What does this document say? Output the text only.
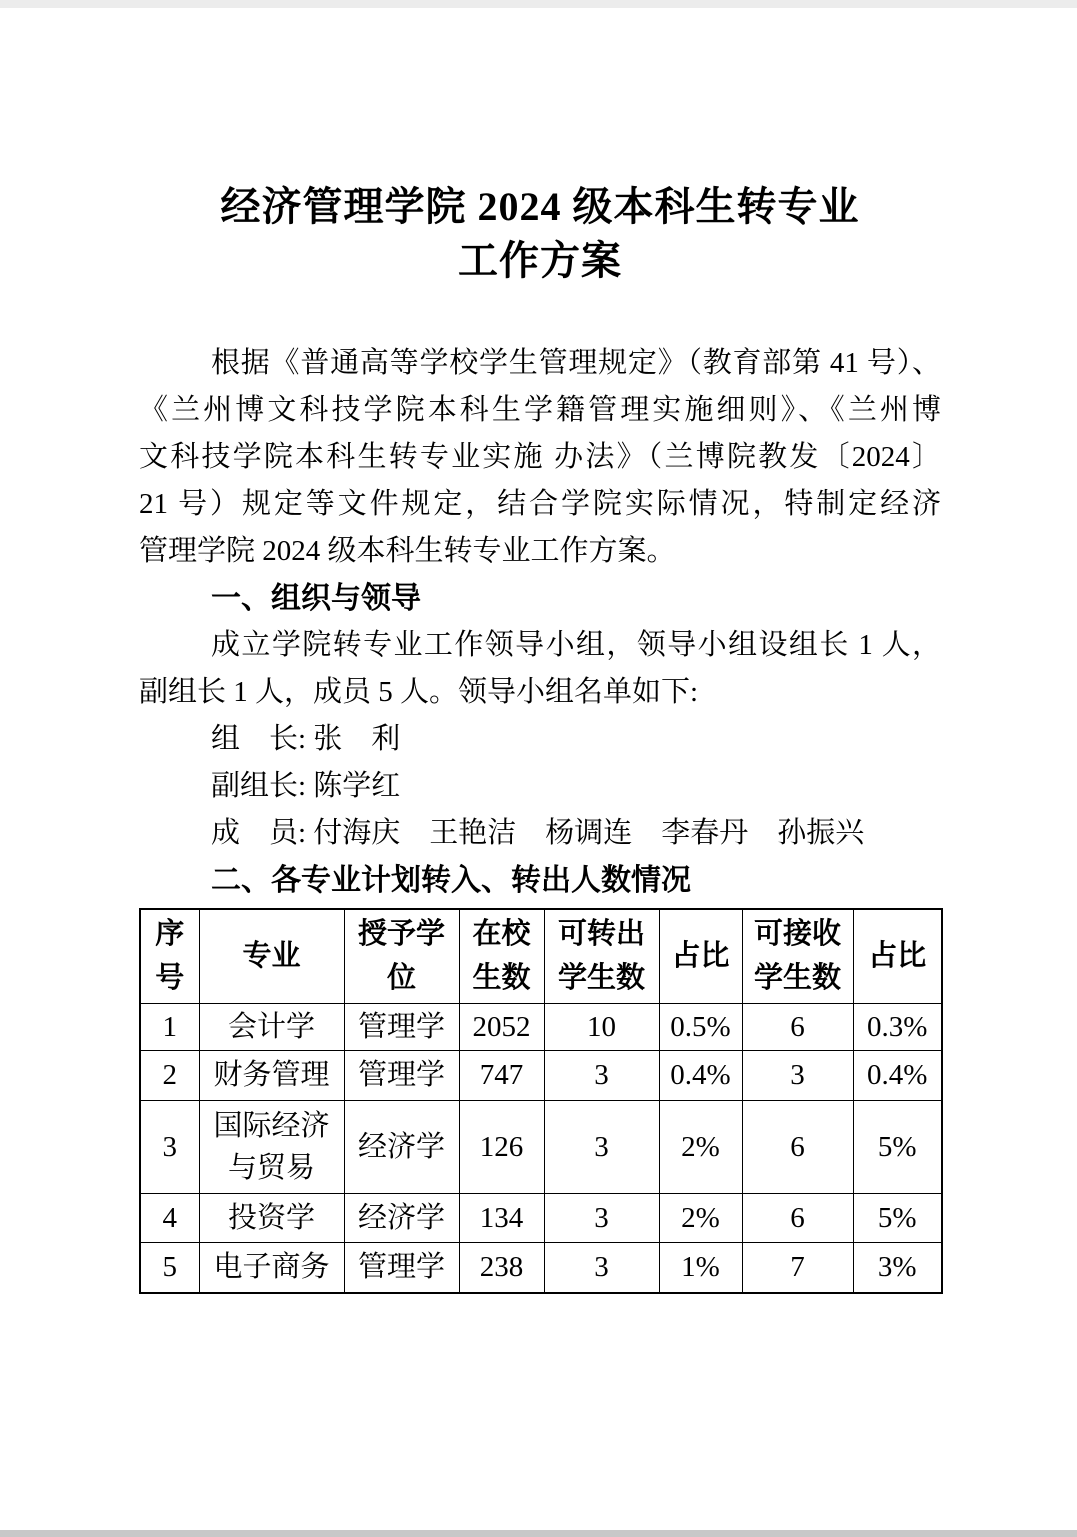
经济管理学院 2024 级本科生转专业
工作方案
根据《普通高等学校学生管理规定》（教育部第 41 号）、
《兰州博文科技学院本科生学籍管理实施细则》、《兰州博
文科技学院本科生转专业实施 办法》（兰博院教发〔2024〕
21 号）规定等文件规定，结合学院实际情况，特制定经济
管理学院 2024 级本科生转专业工作方案。
一、组织与领导
成立学院转专业工作领导小组，领导小组设组长 1 人，
副组长 1 人，成员 5 人。领导小组名单如下:
组　长: 张　利
副组长: 陈学红
成　员: 付海庆　王艳洁　杨调连　李春丹　孙振兴
二、各专业计划转入、转出人数情况
序号	专业	授予学位	在校生数	可转出学生数	占比	可接收学生数	占比
1	会计学	管理学	2052	10	0.5%	6	0.3%
2	财务管理	管理学	747	3	0.4%	3	0.4%
3	国际经济与贸易	经济学	126	3	2%	6	5%
4	投资学	经济学	134	3	2%	6	5%
5	电子商务	管理学	238	3	1%	7	3%
